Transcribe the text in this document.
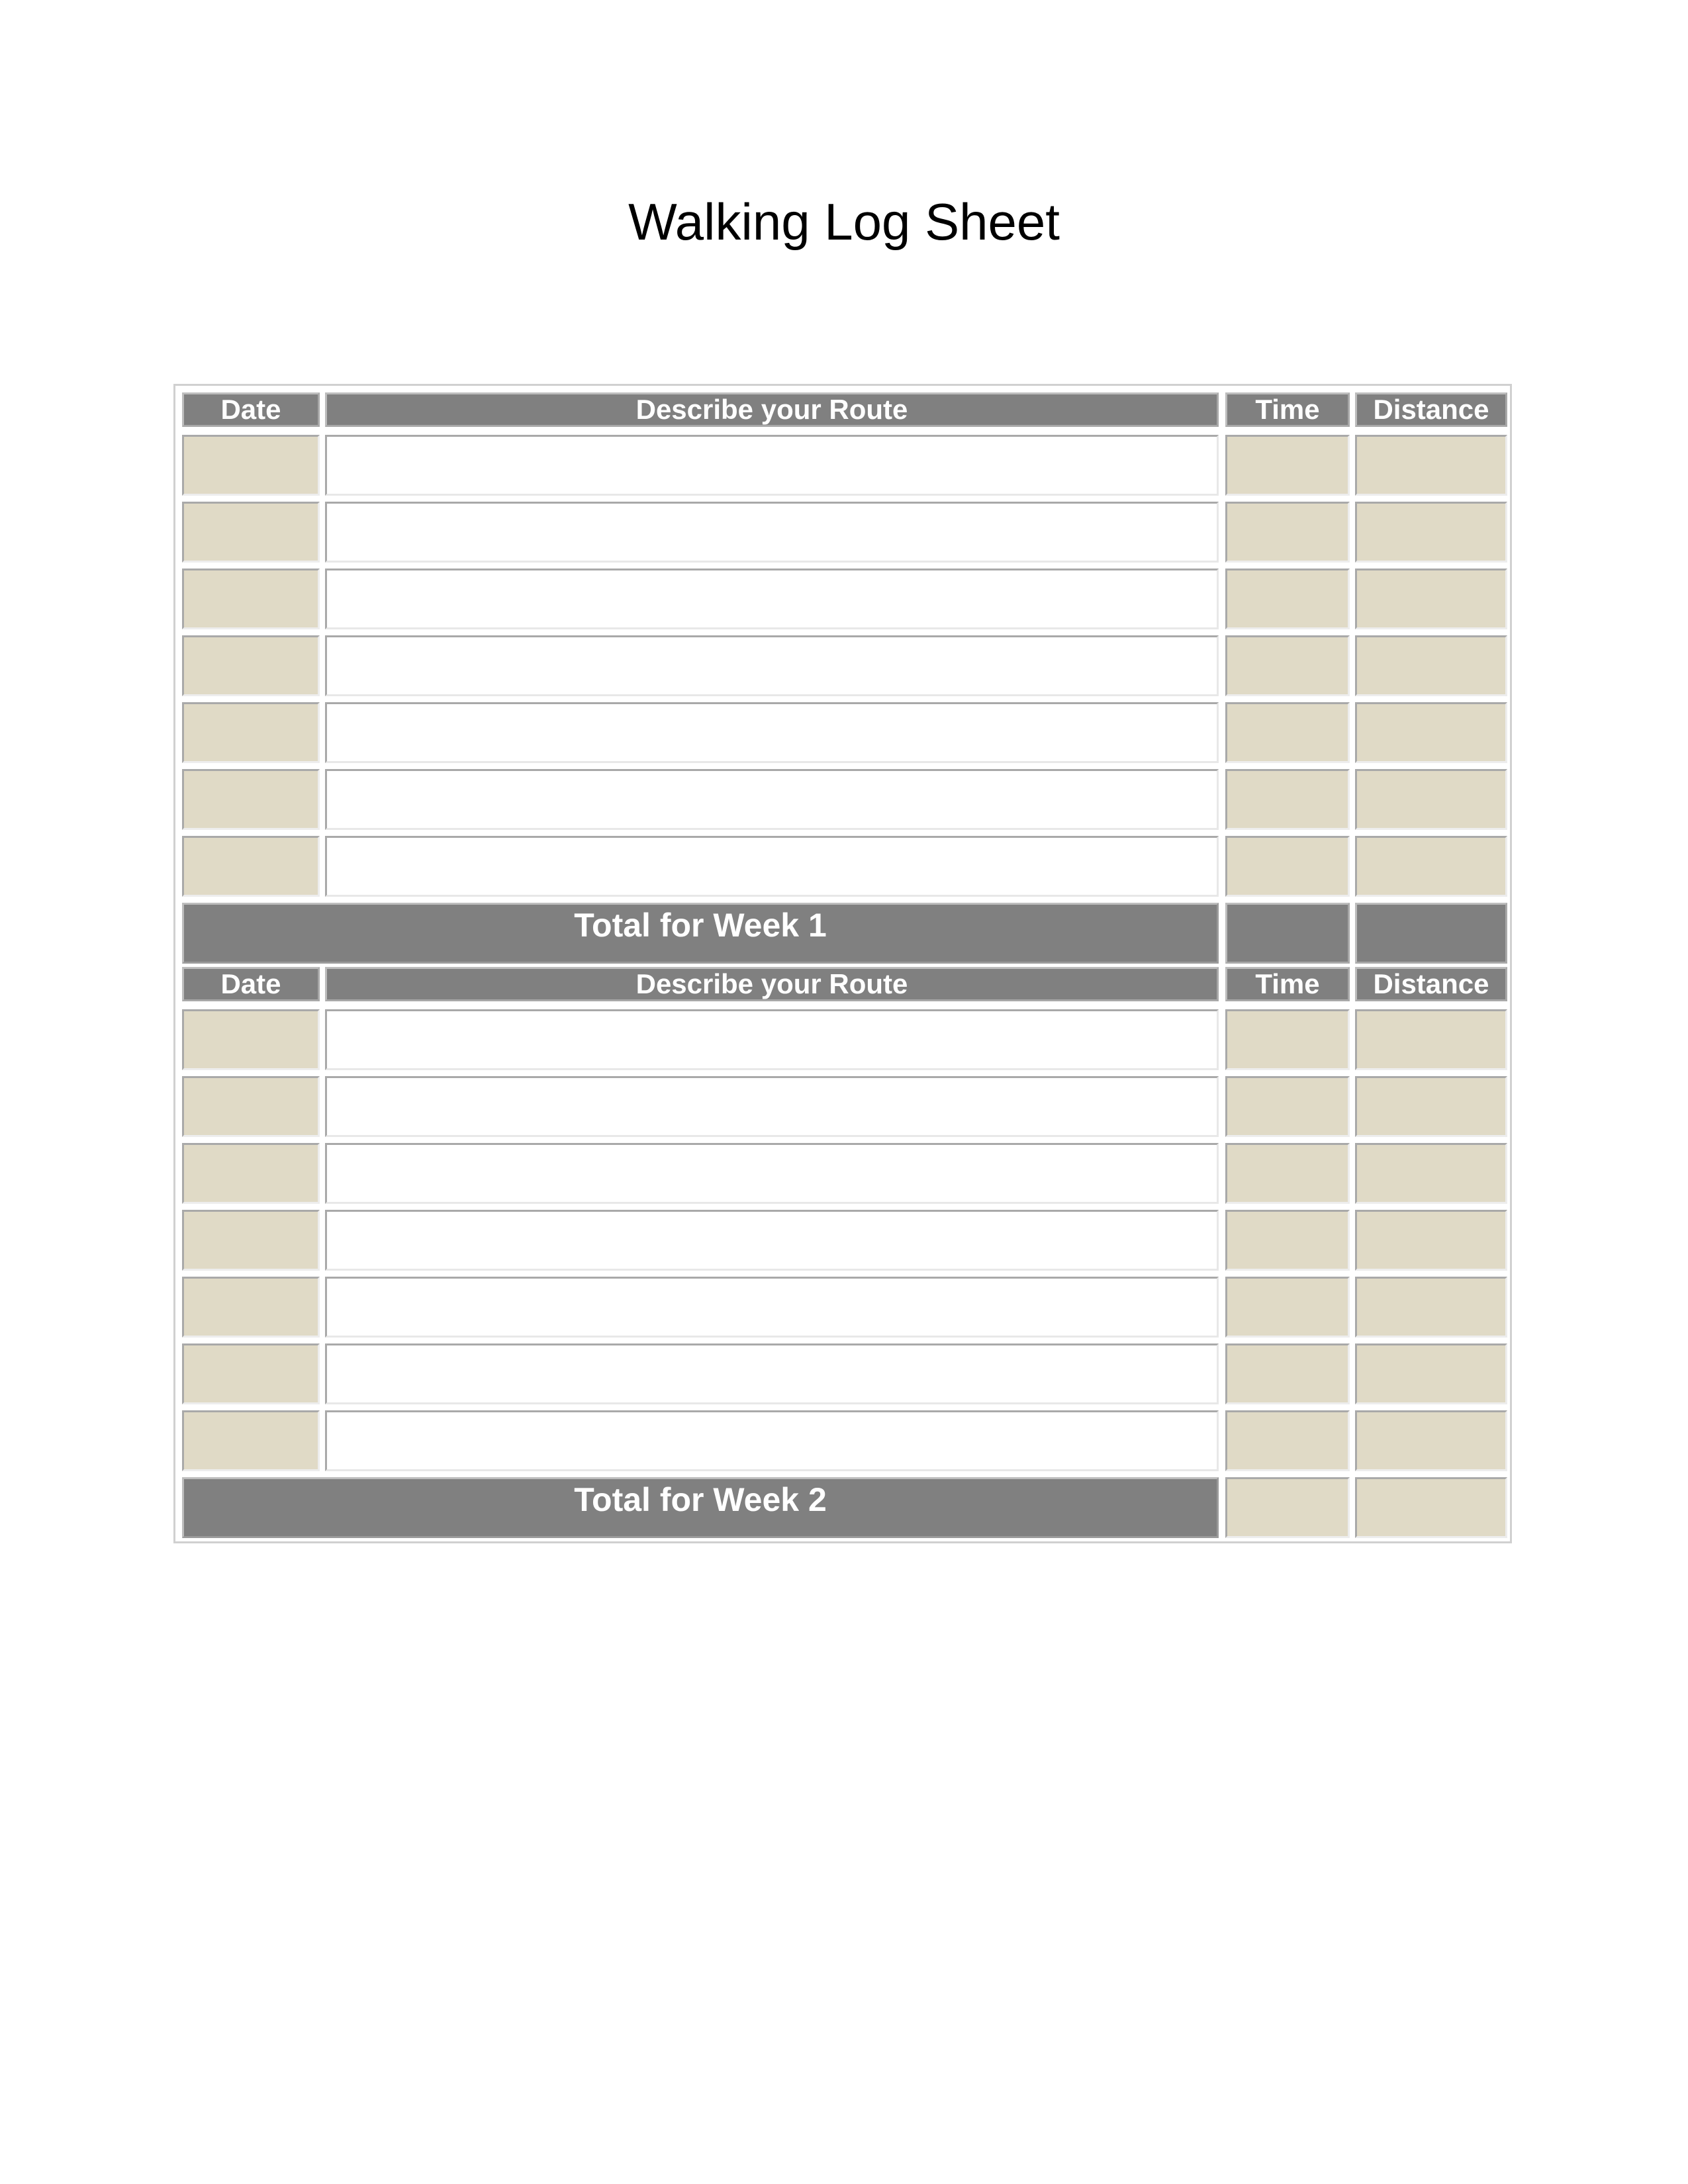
Walking Log Sheet
Date	Describe your Route	Time	Distance
Total for Week 1
Date	Describe your Route	Time	Distance
Total for Week 2
